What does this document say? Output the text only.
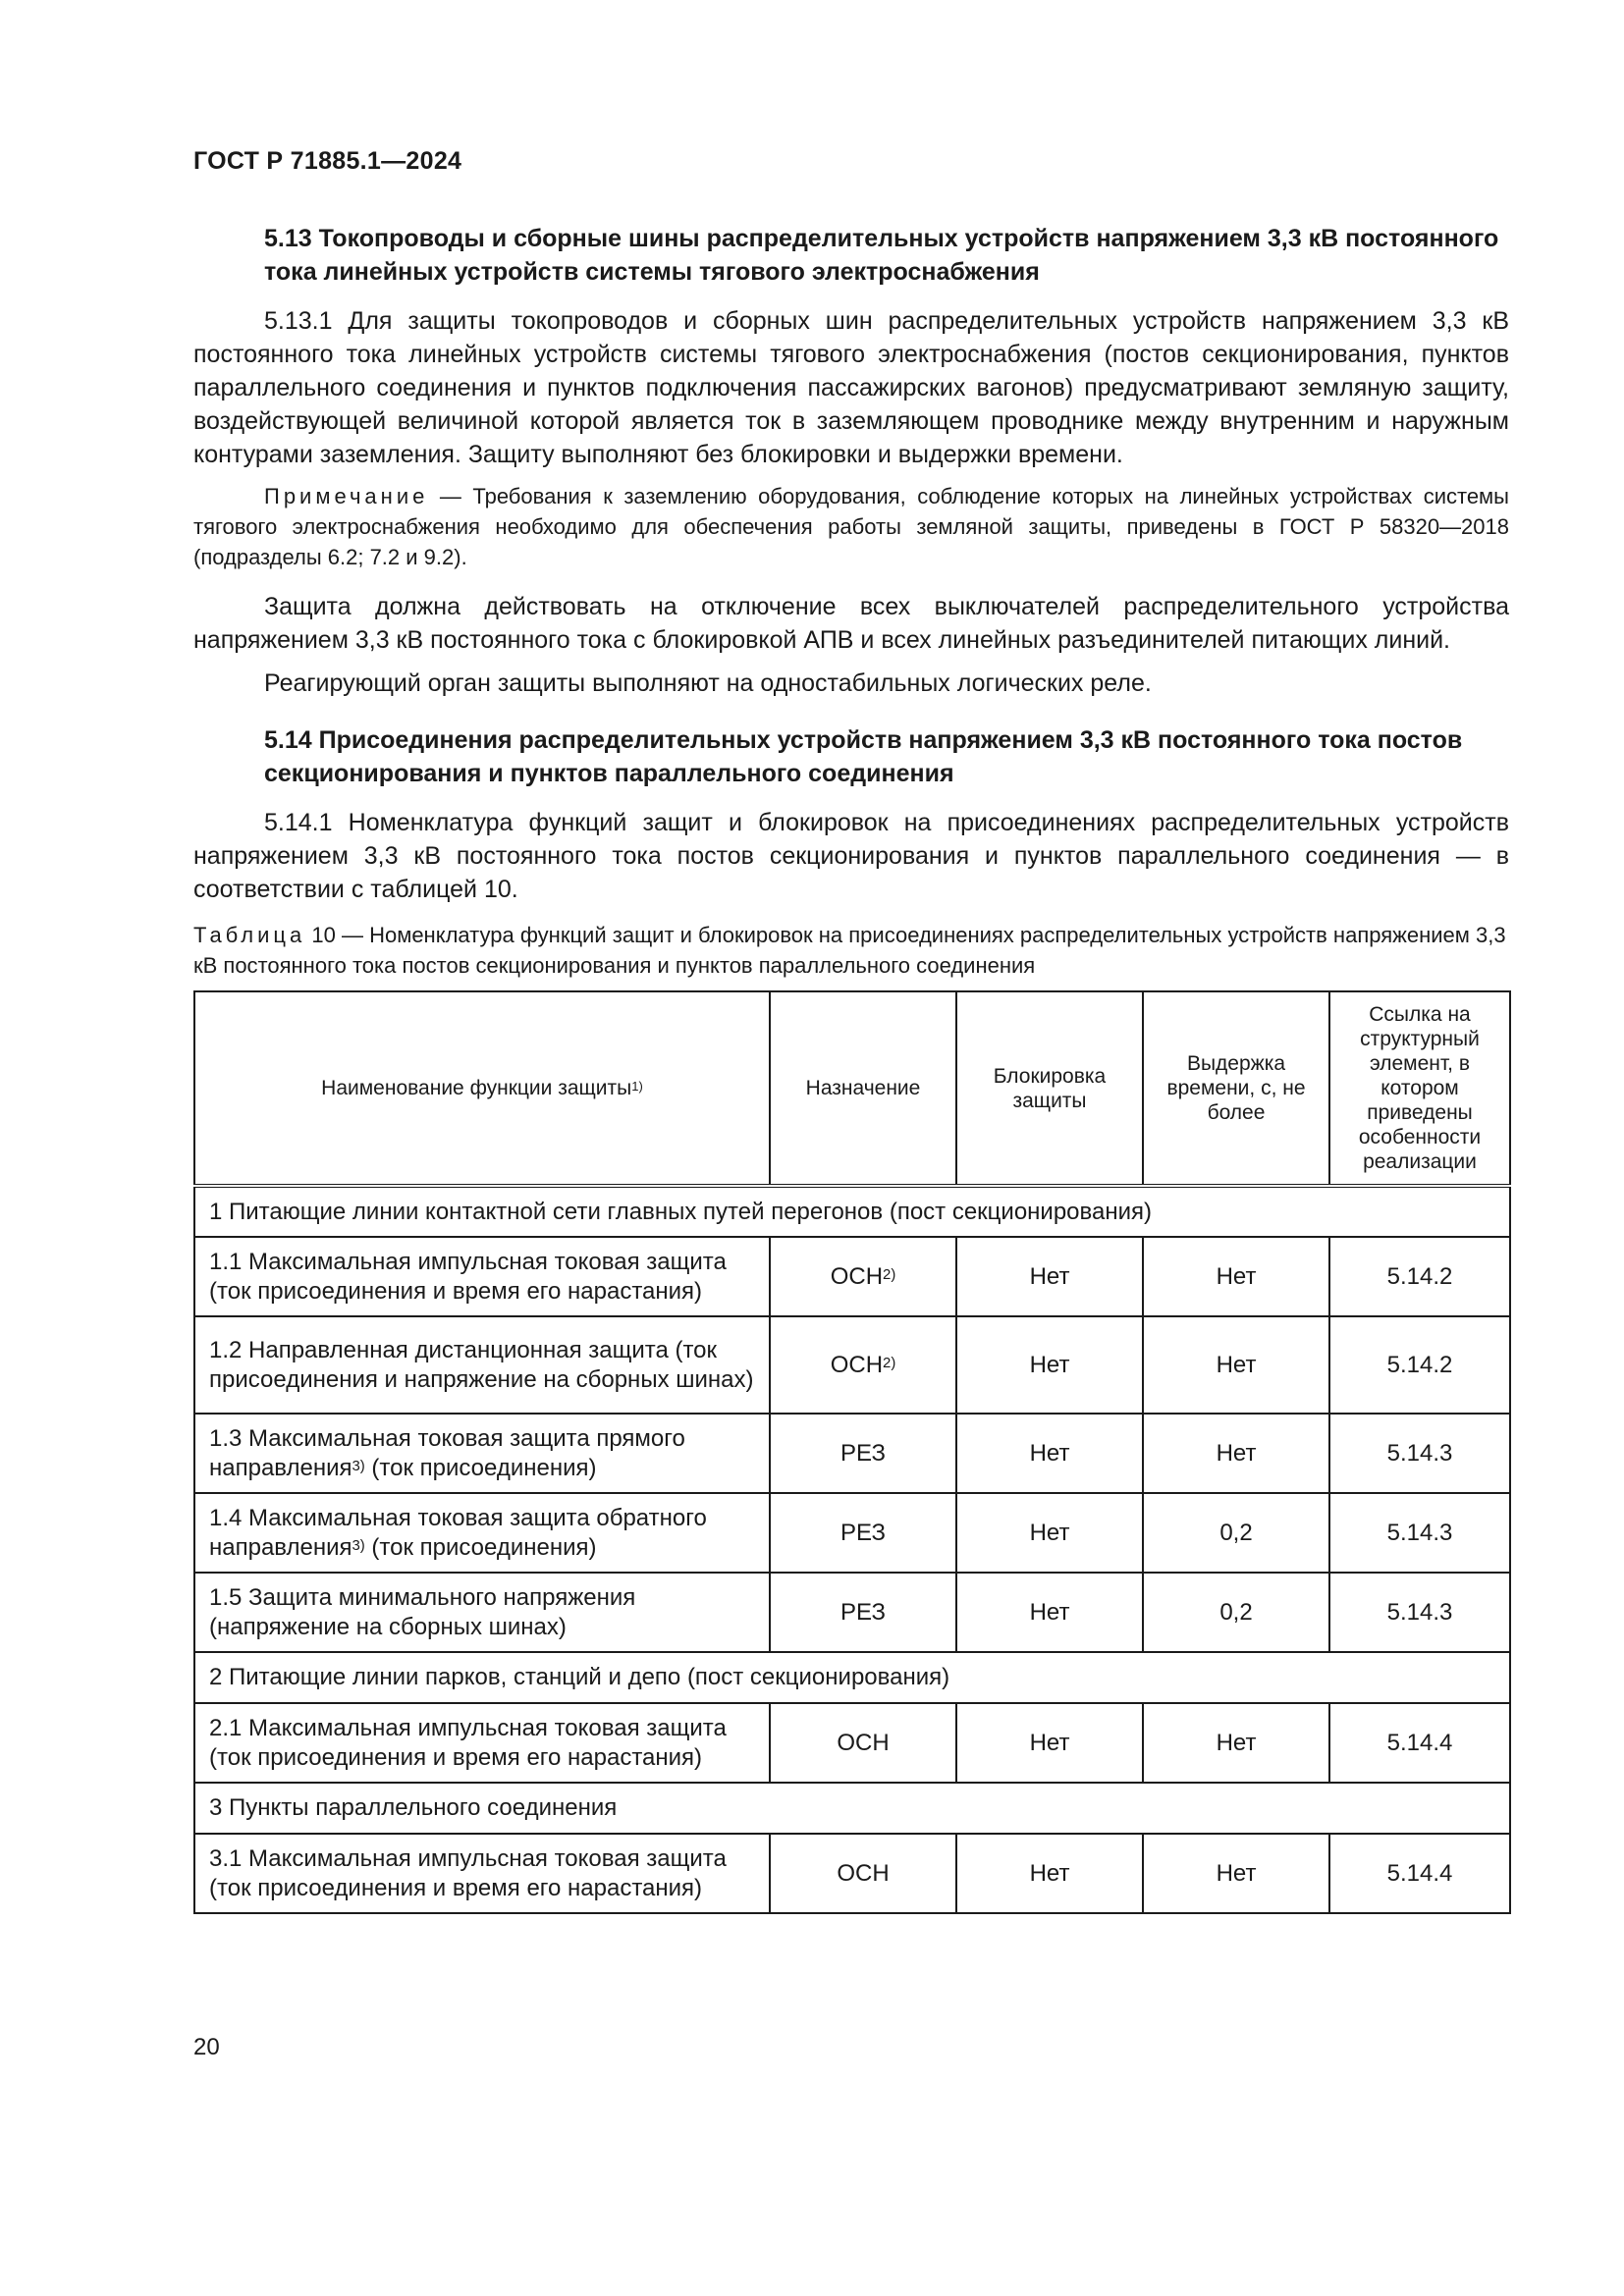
ГОСТ Р 71885.1—2024

5.13 Токопроводы и сборные шины распределительных устройств напряжением 3,3 кВ постоянного тока линейных устройств системы тягового электроснабжения

5.13.1 Для защиты токопроводов и сборных шин распределительных устройств напряжением 3,3 кВ постоянного тока линейных устройств системы тягового электроснабжения (постов секционирования, пунктов параллельного соединения и пунктов подключения пассажирских вагонов) предусматривают земляную защиту, воздействующей величиной которой является ток в заземляющем проводнике между внутренним и наружным контурами заземления. Защиту выполняют без блокировки и выдержки времени.

Примечание — Требования к заземлению оборудования, соблюдение которых на линейных устройствах системы тягового электроснабжения необходимо для обеспечения работы земляной защиты, приведены в ГОСТ Р 58320—2018 (подразделы 6.2; 7.2 и 9.2).

Защита должна действовать на отключение всех выключателей распределительного устройства напряжением 3,3 кВ постоянного тока с блокировкой АПВ и всех линейных разъединителей питающих линий.

Реагирующий орган защиты выполняют на одностабильных логических реле.

5.14 Присоединения распределительных устройств напряжением 3,3 кВ постоянного тока постов секционирования и пунктов параллельного соединения

5.14.1 Номенклатура функций защит и блокировок на присоединениях распределительных устройств напряжением 3,3 кВ постоянного тока постов секционирования и пунктов параллельного соединения — в соответствии с таблицей 10.

Таблица 10 — Номенклатура функций защит и блокировок на присоединениях распределительных устройств напряжением 3,3 кВ постоянного тока постов секционирования и пунктов параллельного соединения

Наименование функции защиты$^{1)}$	Назначение	Блокировка защиты	Выдержка времени, с, не более	Ссылка на структурный элемент, в котором приведены особенности реализации
1 Питающие линии контактной сети главных путей перегонов (пост секционирования)				
1.1 Максимальная импульсная токовая защита (ток присоединения и время его нарастания)	ОСН$^{2)}$	Нет	Нет	5.14.2
1.2 Направленная дистанционная защита (ток присоединения и напряжение на сборных шинах)	ОСН$^{2)}$	Нет	Нет	5.14.2
1.3 Максимальная токовая защита прямого направления$^{3)}$ (ток присоединения)	РЕЗ	Нет	Нет	5.14.3
1.4 Максимальная токовая защита обратного направления$^{3)}$ (ток присоединения)	РЕЗ	Нет	0,2	5.14.3
1.5 Защита минимального напряжения (напряжение на сборных шинах)	РЕЗ	Нет	0,2	5.14.3
2 Питающие линии парков, станций и депо (пост секционирования)				
2.1 Максимальная импульсная токовая защита (ток присоединения и время его нарастания)	ОСН	Нет	Нет	5.14.4
3 Пункты параллельного соединения				
3.1 Максимальная импульсная токовая защита (ток присоединения и время его нарастания)	ОСН	Нет	Нет	5.14.4
20
